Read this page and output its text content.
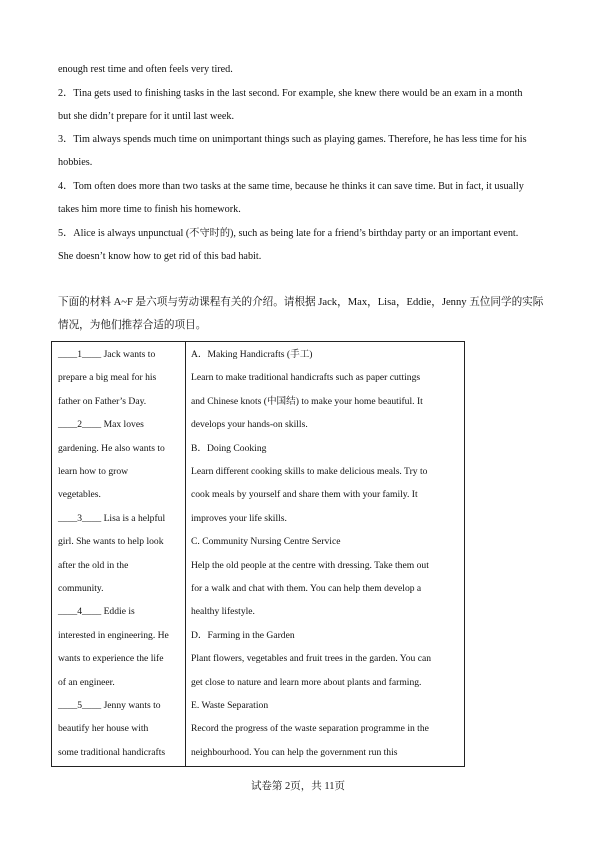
enough rest time and often feels very tired.
2．Tina gets used to finishing tasks in the last second. For example, she knew there would be an exam in a month
but she didn’t prepare for it until last week.
3．Tim always spends much time on unimportant things such as playing games. Therefore, he has less time for his
hobbies.
4．Tom often does more than two tasks at the same time, because he thinks it can save time. But in fact, it usually
takes him more time to finish his homework.
5．Alice is always unpunctual (不守时的), such as being late for a friend’s birthday party or an important event.
She doesn’t know how to get rid of this bad habit.
下面的材料 A~F 是六项与劳动课程有关的介绍。请根据 Jack，Max，Lisa，Eddie，Jenny 五位同学的实际
情况，为他们推荐合适的项目。
____1____ Jack wants to
prepare a big meal for his
father on Father’s Day.
____2____ Max loves
gardening. He also wants to
learn how to grow
vegetables.
____3____ Lisa is a helpful
girl. She wants to help look
after the old in the
community.
____4____ Eddie is
interested in engineering. He
wants to experience the life
of an engineer.
____5____ Jenny wants to
beautify her house with
some traditional handicrafts
A．Making Handicrafts (手工)
Learn to make traditional handicrafts such as paper cuttings
and Chinese knots (中国结) to make your home beautiful. It
develops your hands-on skills.
B．Doing Cooking
Learn different cooking skills to make delicious meals. Try to
cook meals by yourself and share them with your family. It
improves your life skills.
C. Community Nursing Centre Service
Help the old people at the centre with dressing. Take them out
for a walk and chat with them. You can help them develop a
healthy lifestyle.
D．Farming in the Garden
Plant flowers, vegetables and fruit trees in the garden. You can
get close to nature and learn more about plants and farming.
E. Waste Separation
Record the progress of the waste separation programme in the
neighbourhood. You can help the government run this
试卷第 2页，共 11页
